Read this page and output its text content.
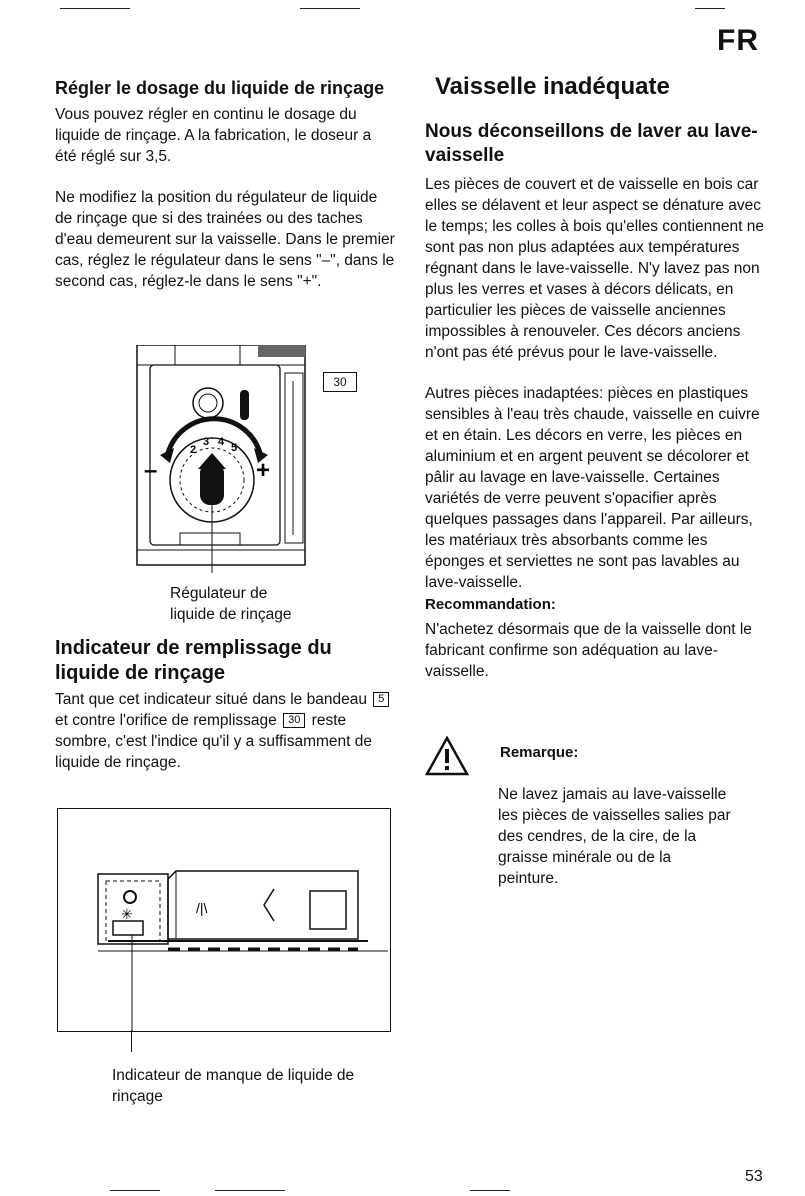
FR
Régler le dosage du liquide de rinçage

Vous pouvez régler en continu le dosage du liquide de rinçage. A la fabrication, le doseur a été réglé sur 3,5.

Ne modifiez la position du régulateur de liquide de rinçage que si des trainées ou des taches d'eau demeurent sur la vaisselle. Dans le premier cas, réglez le régulateur dans le sens "–", dans le second cas, réglez-le dans le sens "+".

2
3 4 5
–	+
30
Régulateur de
liquide de rinçage
Indicateur de remplissage du liquide de rinçage

Tant que cet indicateur situé dans le bandeau 5 et contre l'orifice de remplissage 30 reste sombre, c'est l'indice qu'il y a suffisamment de liquide de rinçage.

✳	/|\
Indicateur de manque de liquide de
rinçage
Vaisselle inadéquate
Nous déconseillons de laver au lave-vaisselle

Les pièces de couvert et de vaisselle en bois car elles se délavent et leur aspect se dénature avec le temps; les colles à bois qu'elles contiennent ne sont pas non plus adaptées aux températures régnant dans le lave-vaisselle. N'y lavez pas non plus les verres et vases à décors délicats, en particulier les pièces de vaisselle anciennes impossibles à renouveler. Ces décors anciens n'ont pas été prévus pour le lave-vaisselle.

Autres pièces inadaptées: pièces en plastiques sensibles à l'eau très chaude, vaisselle en cuivre et en étain. Les décors en verre, les pièces en aluminium et en argent peuvent se décolorer et pâlir au lavage en lave-vaisselle. Certaines variétés de verre peuvent s'opacifier après quelques passages dans l'appareil. Par ailleurs, les matériaux très absorbants comme les éponges et serviettes ne sont pas lavables au lave-vaisselle.

Recommandation:

N'achetez désormais que de la vaisselle dont le fabricant confirme son adéquation au lave-vaisselle.

Remarque:

Ne lavez jamais au lave-vaisselle les pièces de vaisselles salies par des cendres, de la cire, de la graisse minérale ou de la peinture.

53
